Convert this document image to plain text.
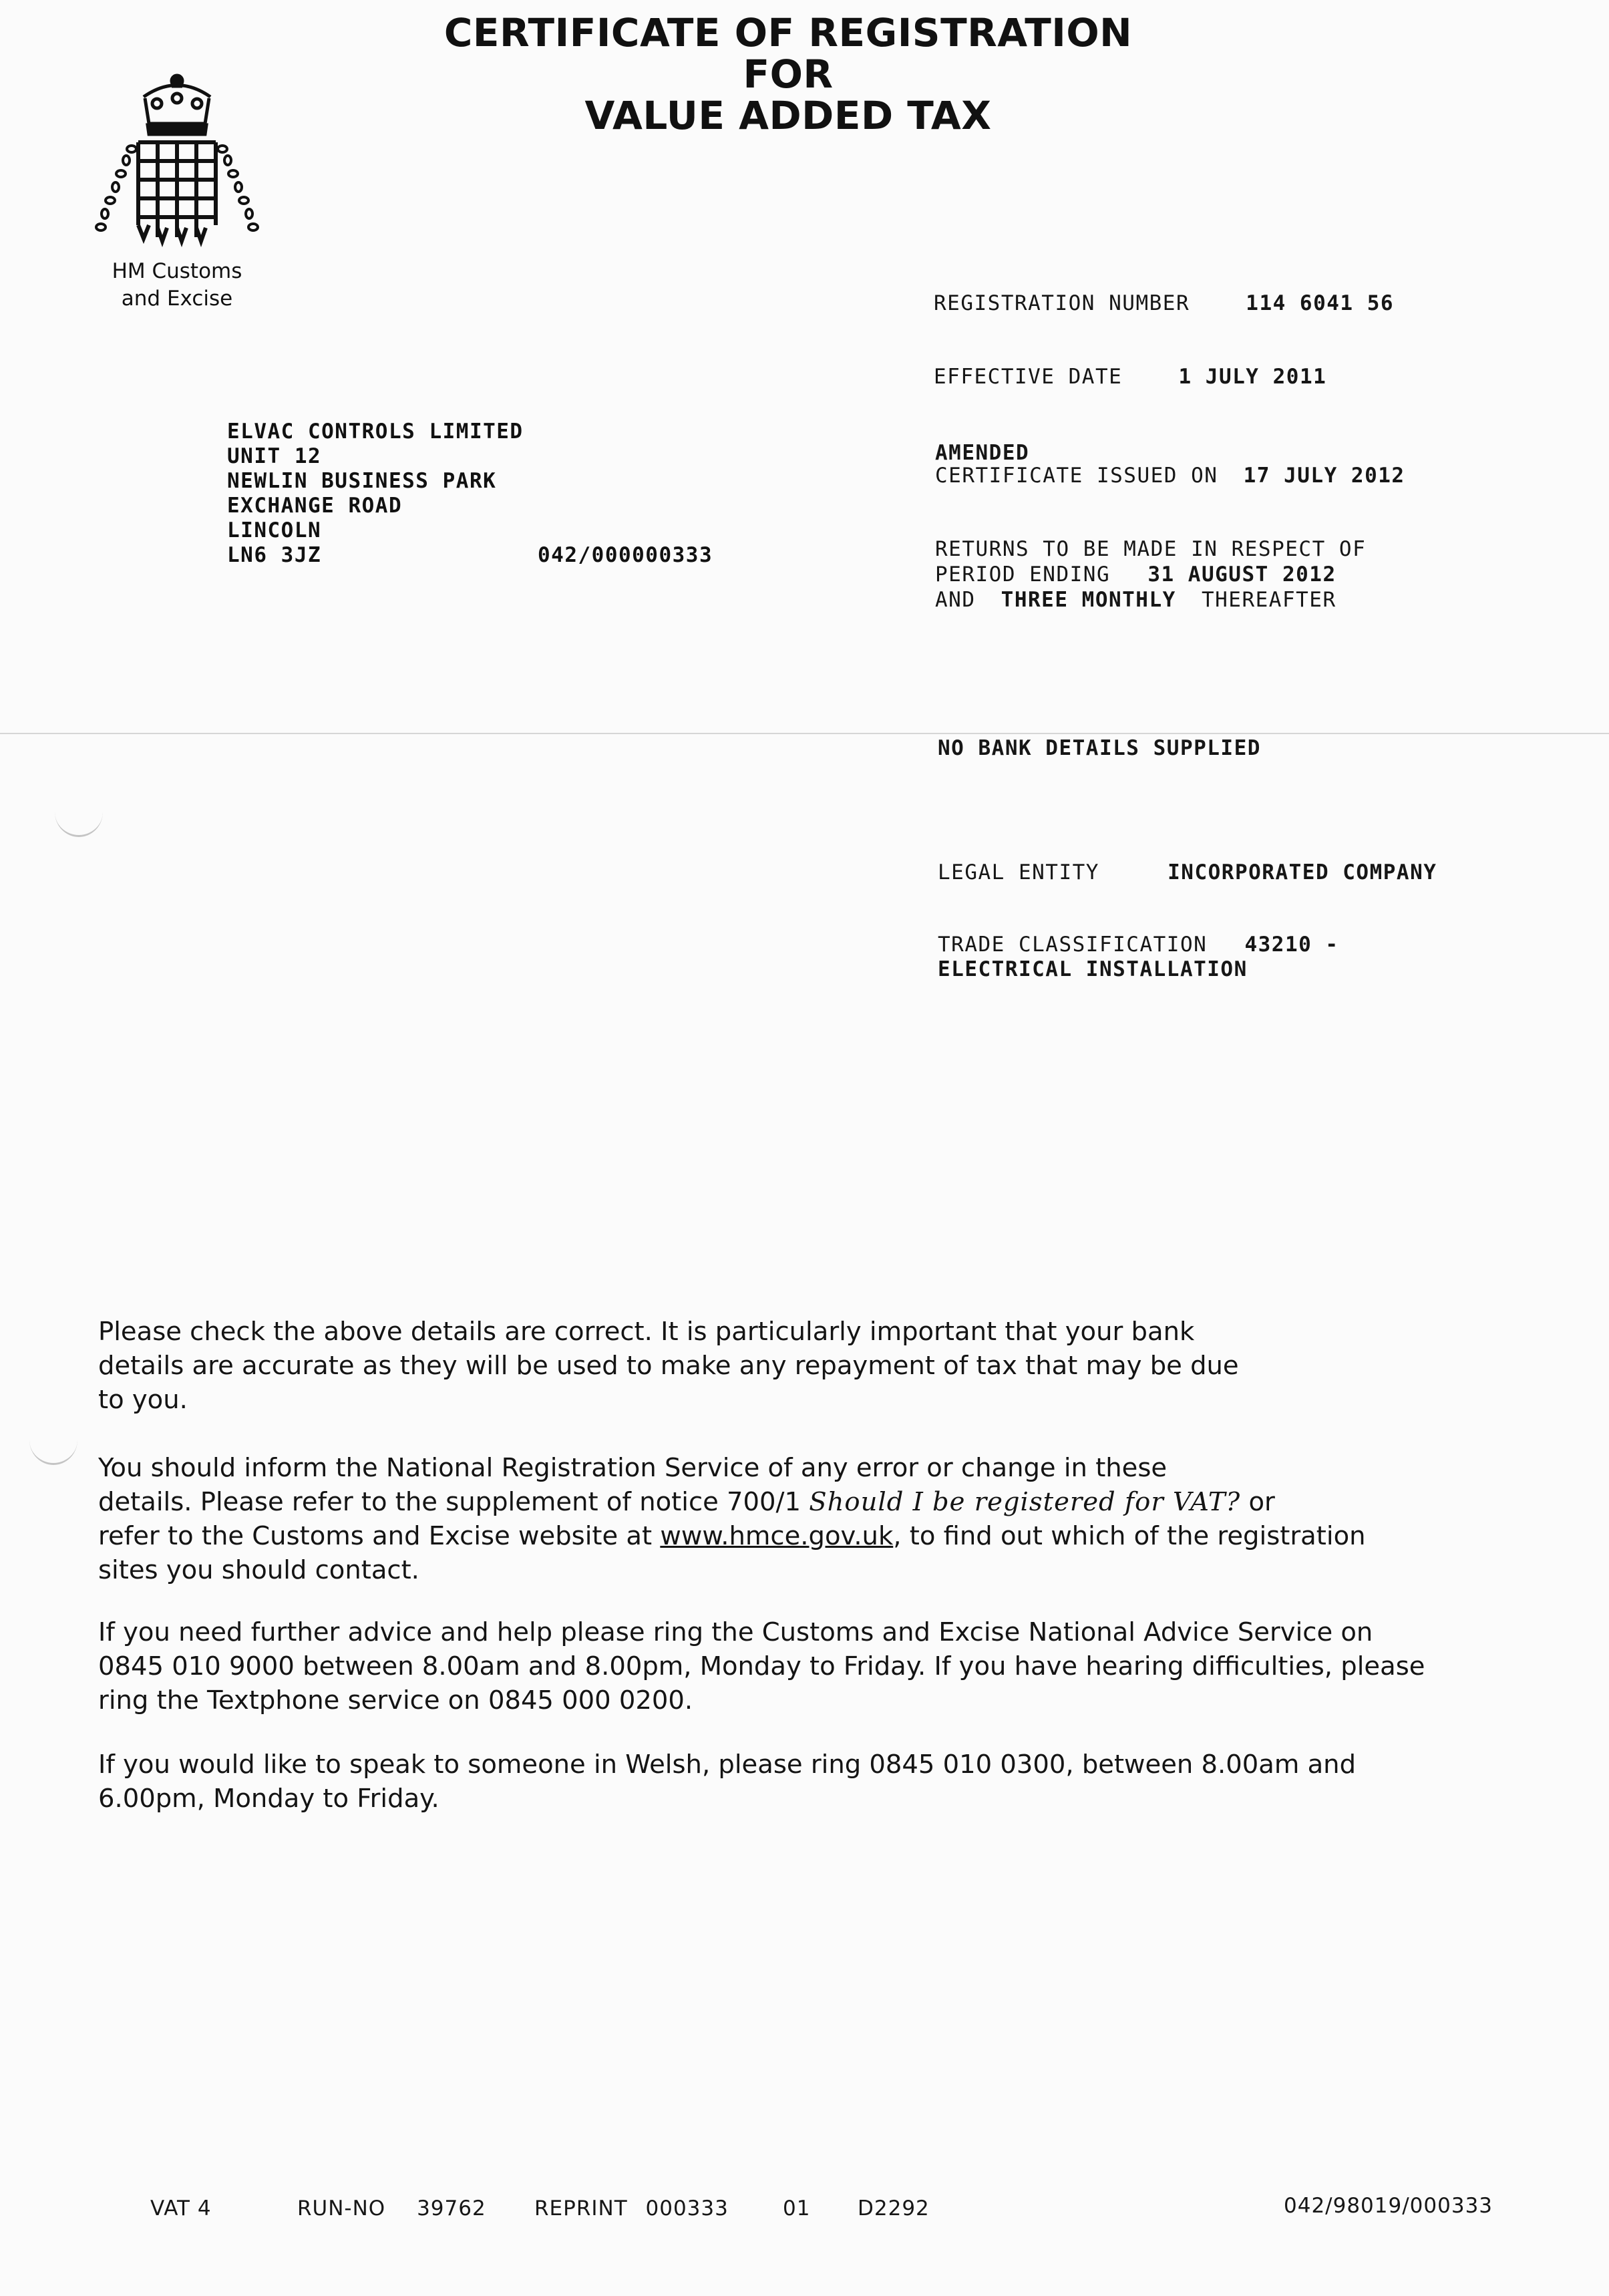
CERTIFICATE OF REGISTRATION
FOR
VALUE ADDED TAX
HM Customs
and Excise	REGISTRATION NUMBER	114 6041 56
EFFECTIVE DATE	1 JULY 2011
AMENDED
CERTIFICATE ISSUED ON 17 JULY 2012
RETURNS TO BE MADE IN RESPECT OF
PERIOD ENDING 31 AUGUST 2012
AND THREE MONTHLY THEREAFTER
NO BANK DETAILS SUPPLIED
LEGAL ENTITY	INCORPORATED COMPANY
TRADE CLASSIFICATION 43210 -
ELECTRICAL INSTALLATION
ELVAC CONTROLS LIMITED
UNIT 12
NEWLIN BUSINESS PARK
EXCHANGE ROAD
LINCOLN
LN6 3JZ	042/000000333
Please check the above details are correct. It is particularly important that your bank
details are accurate as they will be used to make any repayment of tax that may be due
to you.
You should inform the National Registration Service of any error or change in these
details. Please refer to the supplement of notice 700/1 Should I be registered for VAT? or
refer to the Customs and Excise website at www.hmce.gov.uk, to find out which of the registration
sites you should contact.
If you need further advice and help please ring the Customs and Excise National Advice Service on
0845 010 9000 between 8.00am and 8.00pm, Monday to Friday. If you have hearing difficulties, please
ring the Textphone service on 0845 000 0200.
If you would like to speak to someone in Welsh, please ring 0845 010 0300, between 8.00am and
6.00pm, Monday to Friday.
VAT 4	RUN-NO 39762 REPRINT 000333	01 D2292	042/98019/000333
